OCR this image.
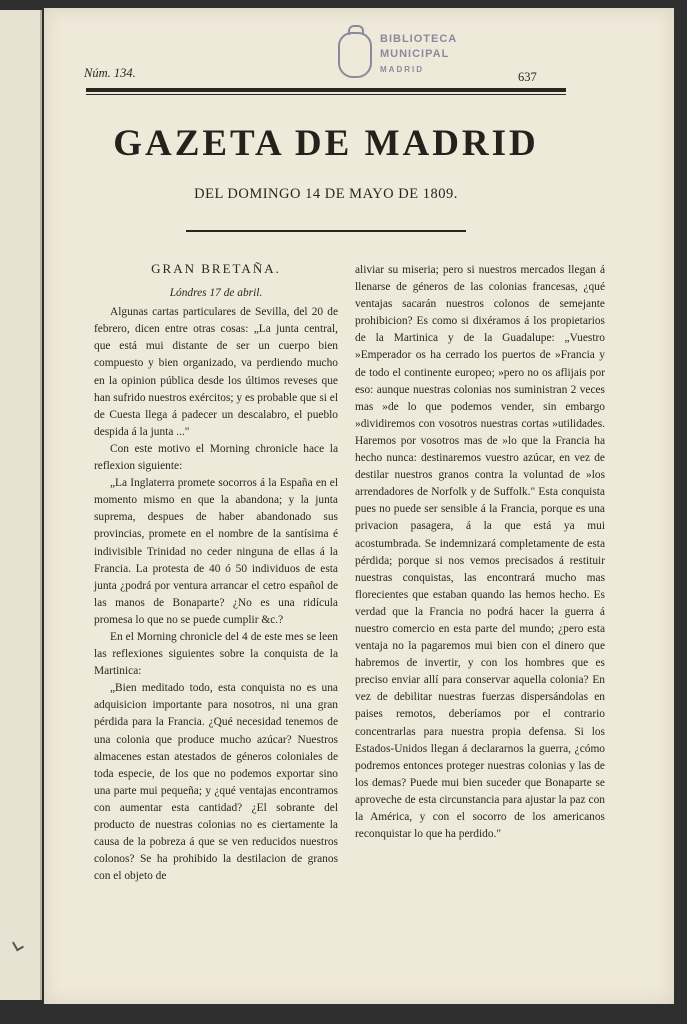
BIBLIOTECA
MUNICIPAL
MADRID
Núm. 134.	637
GAZETA DE MADRID
DEL DOMINGO 14 DE MAYO DE 1809.
GRAN BRETAÑA.
Lóndres 17 de abril.

Algunas cartas particulares de Sevilla, del 20 de febrero, dicen entre otras cosas: „La junta central, que está mui distante de ser un cuerpo bien compuesto y bien organizado, va perdiendo mucho en la opinion pública desde los últimos reveses que han sufrido nuestros exércitos; y es probable que si el de Cuesta llega á padecer un descalabro, el pueblo despida á la junta ..."

Con este motivo el Morning chronicle hace la reflexion siguiente:

„La Inglaterra promete socorros á la España en el momento mismo en que la abandona; y la junta suprema, despues de haber abandonado sus provincias, promete en el nombre de la santísima é indivisible Trinidad no ceder ninguna de ellas á la Francia. La protesta de 40 ó 50 individuos de esta junta ¿podrá por ventura arrancar el cetro español de las manos de Bonaparte? ¿No es una ridícula promesa lo que no se puede cumplir &c.?

En el Morning chronicle del 4 de este mes se leen las reflexiones siguientes sobre la conquista de la Martinica:

„Bien meditado todo, esta conquista no es una adquisicion importante para nosotros, ni una gran pérdida para la Francia. ¿Qué necesidad tenemos de una colonia que produce mucho azúcar? Nuestros almacenes estan atestados de géneros coloniales de toda especie, de los que no podemos exportar sino una parte mui pequeña; y ¿qué ventajas encontramos con aumentar esta cantidad? ¿El sobrante del producto de nuestras colonias no es ciertamente la causa de la pobreza á que se ven reducidos nuestros colonos? Se ha prohibido la destilacion de granos con el objeto de

aliviar su miseria; pero si nuestros mercados llegan á llenarse de géneros de las colonias francesas, ¿qué ventajas sacarán nuestros colonos de semejante prohibicion? Es como si dixéramos á los propietarios de la Martinica y de la Guadalupe: „Vuestro »Emperador os ha cerrado los puertos de »Francia y de todo el continente europeo; »pero no os aflijais por eso: aunque nuestras colonias nos suministran 2 veces mas »de lo que podemos vender, sin embargo »dividiremos con vosotros nuestras cortas »utilidades. Haremos por vosotros mas de »lo que la Francia ha hecho nunca: destinaremos vuestro azúcar, en vez de destilar nuestros granos contra la voluntad de »los arrendadores de Norfolk y de Suffolk." Esta conquista pues no puede ser sensible á la Francia, porque es una privacion pasagera, á la que está ya mui acostumbrada. Se indemnizará completamente de esta pérdida; porque si nos vemos precisados á restituir nuestras conquistas, las encontrará mucho mas florecientes que estaban quando las hemos hecho. Es verdad que la Francia no podrá hacer la guerra á nuestro comercio en esta parte del mundo; ¿pero esta ventaja no la pagaremos mui bien con el dinero que habremos de invertir, y con los hombres que es preciso enviar allí para conservar aquella colonia? En vez de debilitar nuestras fuerzas dispersándolas en paises remotos, deberíamos por el contrario concentrarlas para nuestra propia defensa. Si los Estados-Unidos llegan á declararnos la guerra, ¿cómo podremos entonces proteger nuestras colonias y las de los demas? Puede mui bien suceder que Bonaparte se aproveche de esta circunstancia para ajustar la paz con la América, y con el socorro de los americanos reconquistar lo que ha perdido."
